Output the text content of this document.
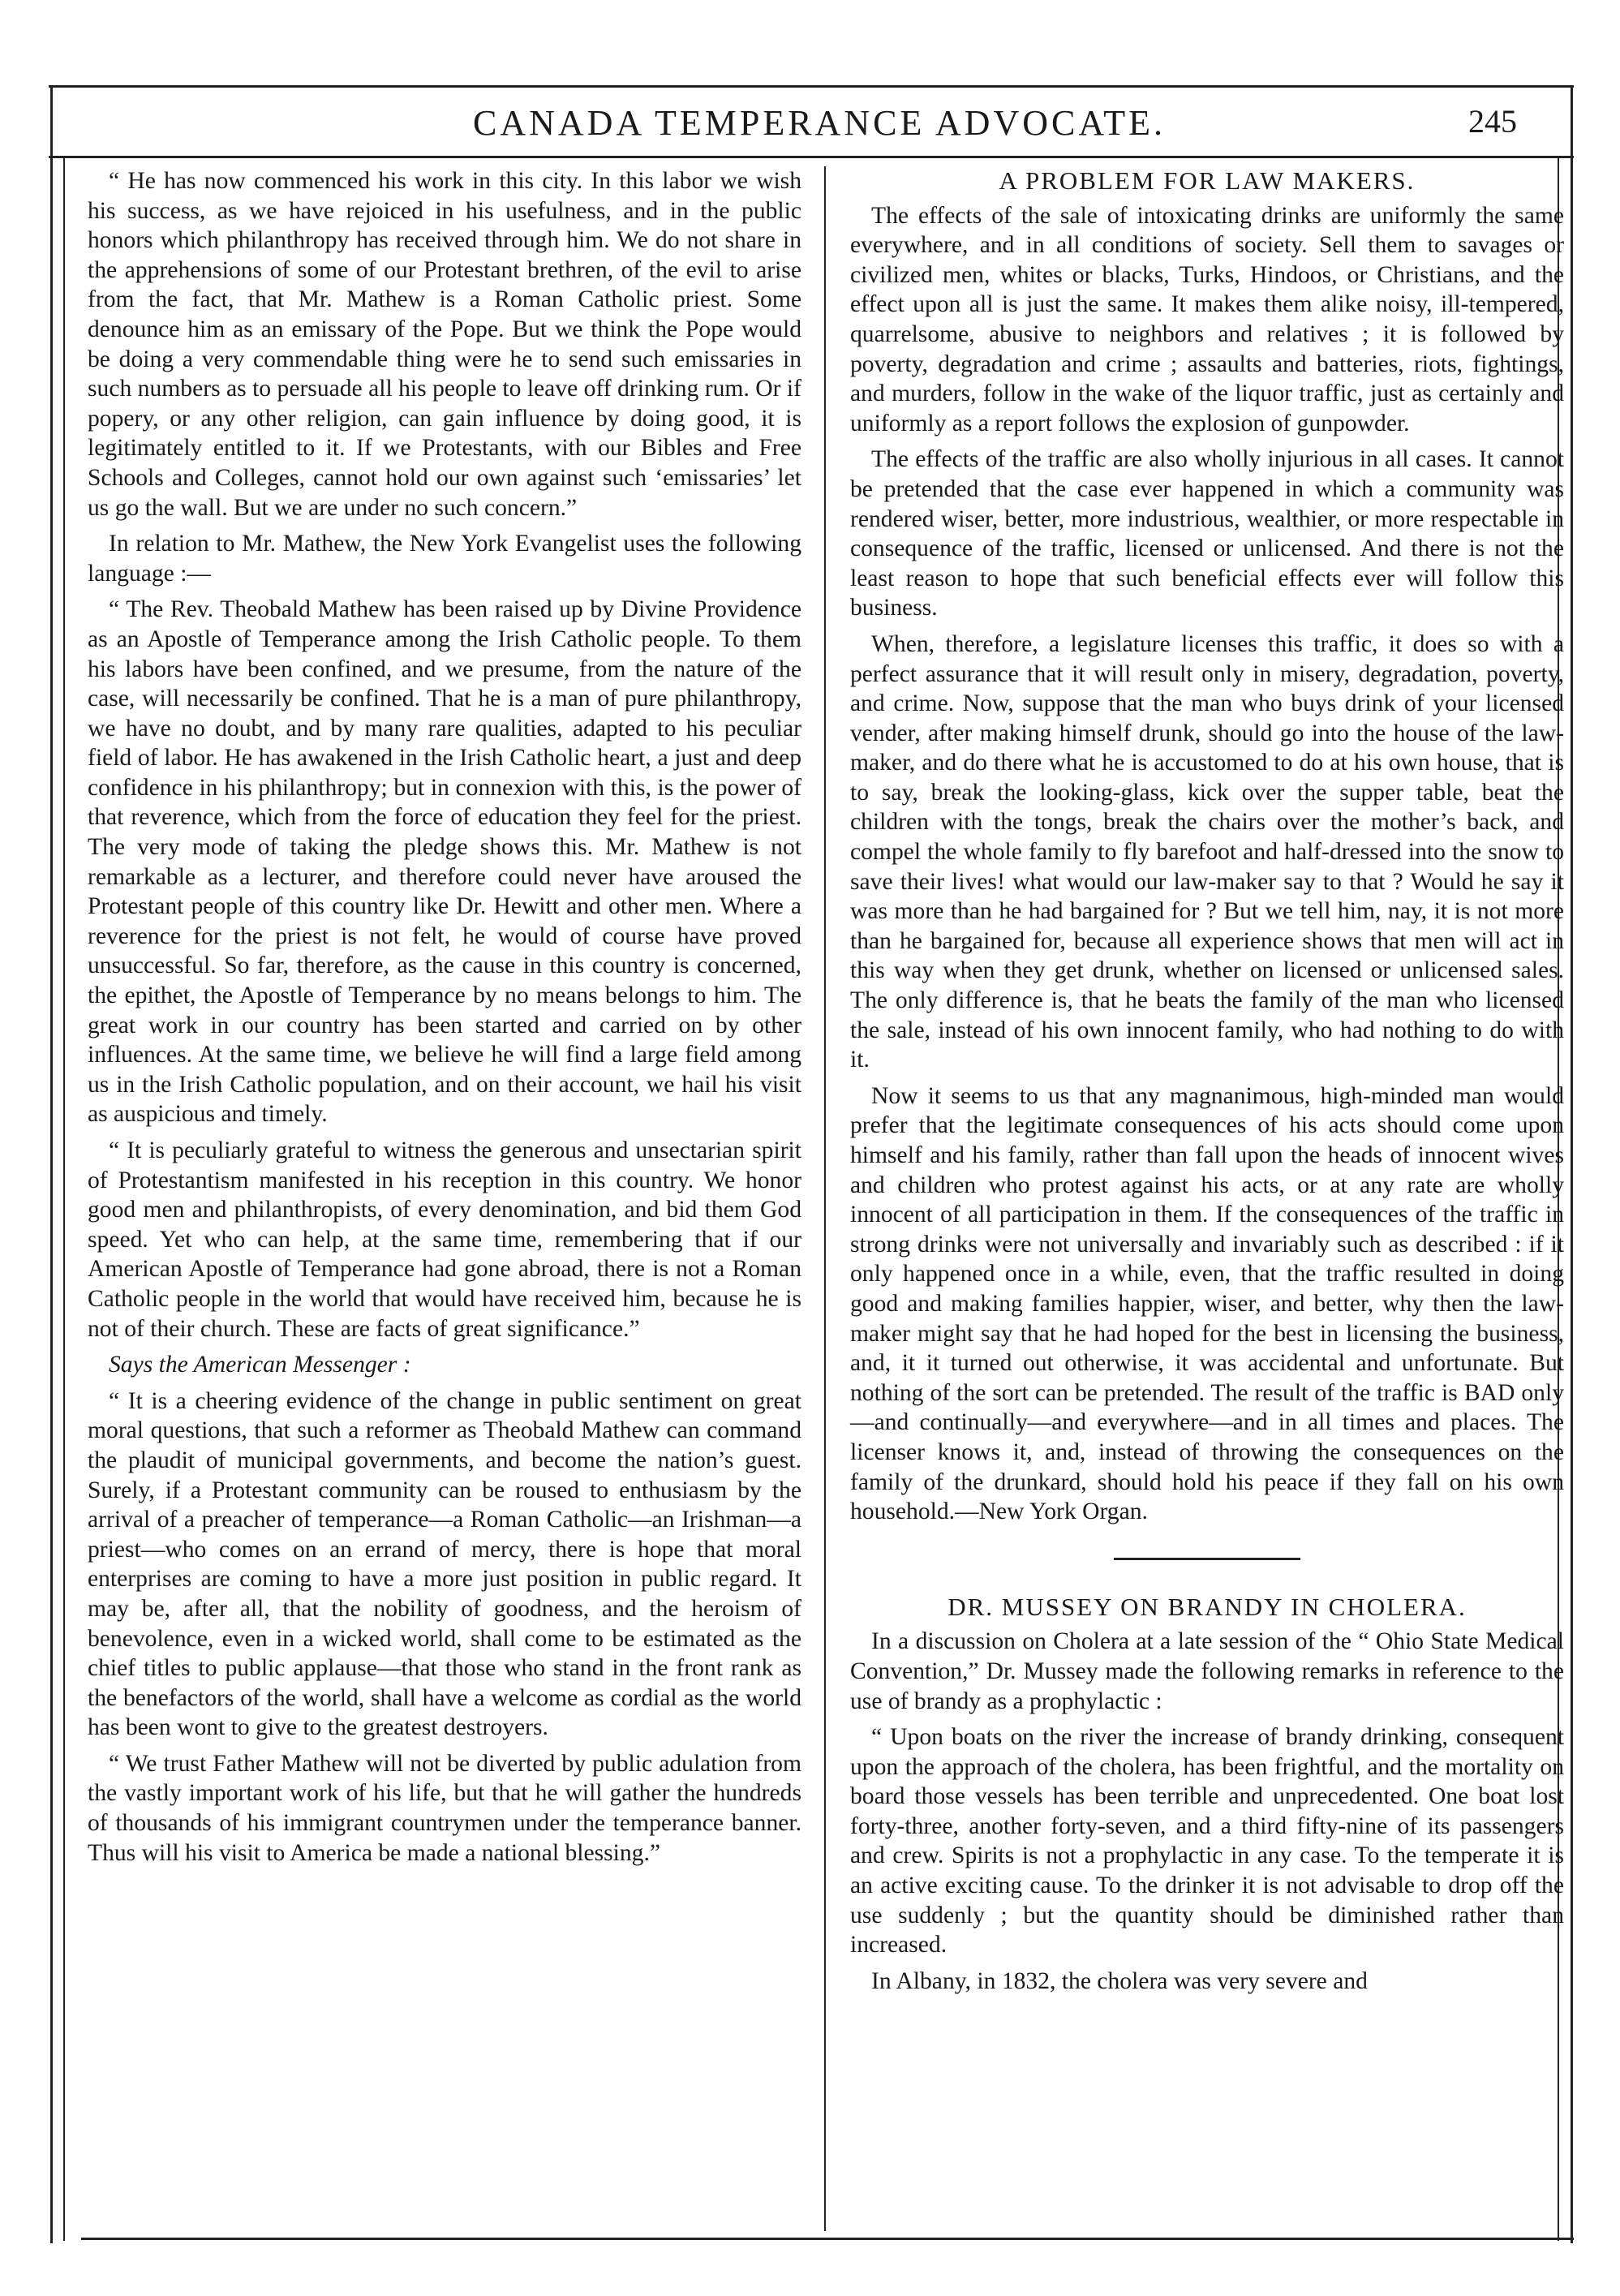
CANADA TEMPERANCE ADVOCATE.	245

“ He has now commenced his work in this city. In this labor we wish his success, as we have rejoiced in his usefulness, and in the public honors which philanthropy has received through him. We do not share in the apprehensions of some of our Protestant brethren, of the evil to arise from the fact, that Mr. Mathew is a Roman Catholic priest. Some denounce him as an emissary of the Pope. But we think the Pope would be doing a very commendable thing were he to send such emissaries in such numbers as to persuade all his people to leave off drinking rum. Or if popery, or any other religion, can gain influence by doing good, it is legitimately entitled to it. If we Protestants, with our Bibles and Free Schools and Colleges, cannot hold our own against such ‘emissaries’ let us go the wall. But we are under no such concern.”

In relation to Mr. Mathew, the New York Evangelist uses the following language :—

“ The Rev. Theobald Mathew has been raised up by Divine Providence as an Apostle of Temperance among the Irish Catholic people. To them his labors have been confined, and we presume, from the nature of the case, will necessarily be confined. That he is a man of pure philanthropy, we have no doubt, and by many rare qualities, adapted to his peculiar field of labor. He has awakened in the Irish Catholic heart, a just and deep confidence in his philanthropy; but in connexion with this, is the power of that reverence, which from the force of education they feel for the priest. The very mode of taking the pledge shows this. Mr. Mathew is not remarkable as a lecturer, and therefore could never have aroused the Protestant people of this country like Dr. Hewitt and other men. Where a reverence for the priest is not felt, he would of course have proved unsuccessful. So far, therefore, as the cause in this country is concerned, the epithet, the Apostle of Temperance by no means belongs to him. The great work in our country has been started and carried on by other influences. At the same time, we believe he will find a large field among us in the Irish Catholic population, and on their account, we hail his visit as auspicious and timely.

“ It is peculiarly grateful to witness the generous and unsectarian spirit of Protestantism manifested in his reception in this country. We honor good men and philanthropists, of every denomination, and bid them God speed. Yet who can help, at the same time, remembering that if our American Apostle of Temperance had gone abroad, there is not a Roman Catholic people in the world that would have received him, because he is not of their church. These are facts of great significance.”

Says the American Messenger :

“ It is a cheering evidence of the change in public sentiment on great moral questions, that such a reformer as Theobald Mathew can command the plaudit of municipal governments, and become the nation’s guest. Surely, if a Protestant community can be roused to enthusiasm by the arrival of a preacher of temperance—a Roman Catholic—an Irishman—a priest—who comes on an errand of mercy, there is hope that moral enterprises are coming to have a more just position in public regard. It may be, after all, that the nobility of goodness, and the heroism of benevolence, even in a wicked world, shall come to be estimated as the chief titles to public applause—that those who stand in the front rank as the benefactors of the world, shall have a welcome as cordial as the world has been wont to give to the greatest destroyers.

“ We trust Father Mathew will not be diverted by public adulation from the vastly important work of his life, but that he will gather the hundreds of thousands of his immigrant countrymen under the temperance banner. Thus will his visit to America be made a national blessing.”

A PROBLEM FOR LAW MAKERS.

The effects of the sale of intoxicating drinks are uniformly the same everywhere, and in all conditions of society. Sell them to savages or civilized men, whites or blacks, Turks, Hindoos, or Christians, and the effect upon all is just the same. It makes them alike noisy, ill-tempered, quarrelsome, abusive to neighbors and relatives ; it is followed by poverty, degradation and crime ; assaults and batteries, riots, fightings, and murders, follow in the wake of the liquor traffic, just as certainly and uniformly as a report follows the explosion of gunpowder.

The effects of the traffic are also wholly injurious in all cases. It cannot be pretended that the case ever happened in which a community was rendered wiser, better, more industrious, wealthier, or more respectable in consequence of the traffic, licensed or unlicensed. And there is not the least reason to hope that such beneficial effects ever will follow this business.

When, therefore, a legislature licenses this traffic, it does so with a perfect assurance that it will result only in misery, degradation, poverty, and crime. Now, suppose that the man who buys drink of your licensed vender, after making himself drunk, should go into the house of the law-maker, and do there what he is accustomed to do at his own house, that is to say, break the looking-glass, kick over the supper table, beat the children with the tongs, break the chairs over the mother’s back, and compel the whole family to fly barefoot and half-dressed into the snow to save their lives! what would our law-maker say to that ? Would he say it was more than he had bargained for ? But we tell him, nay, it is not more than he bargained for, because all experience shows that men will act in this way when they get drunk, whether on licensed or unlicensed sales. The only difference is, that he beats the family of the man who licensed the sale, instead of his own innocent family, who had nothing to do with it.

Now it seems to us that any magnanimous, high-minded man would prefer that the legitimate consequences of his acts should come upon himself and his family, rather than fall upon the heads of innocent wives and children who protest against his acts, or at any rate are wholly innocent of all participation in them. If the consequences of the traffic in strong drinks were not universally and invariably such as described : if it only happened once in a while, even, that the traffic resulted in doing good and making families happier, wiser, and better, why then the law-maker might say that he had hoped for the best in licensing the business, and, it it turned out otherwise, it was accidental and unfortunate. But nothing of the sort can be pretended. The result of the traffic is BAD only—and continually—and everywhere—and in all times and places. The licenser knows it, and, instead of throwing the consequences on the family of the drunkard, should hold his peace if they fall on his own household.—New York Organ.

DR. MUSSEY ON BRANDY IN CHOLERA.

In a discussion on Cholera at a late session of the “ Ohio State Medical Convention,” Dr. Mussey made the following remarks in reference to the use of brandy as a prophylactic :

“ Upon boats on the river the increase of brandy drinking, consequent upon the approach of the cholera, has been frightful, and the mortality on board those vessels has been terrible and unprecedented. One boat lost forty-three, another forty-seven, and a third fifty-nine of its passengers and crew. Spirits is not a prophylactic in any case. To the temperate it is an active exciting cause. To the drinker it is not advisable to drop off the use suddenly ; but the quantity should be diminished rather than increased.

In Albany, in 1832, the cholera was very severe and
